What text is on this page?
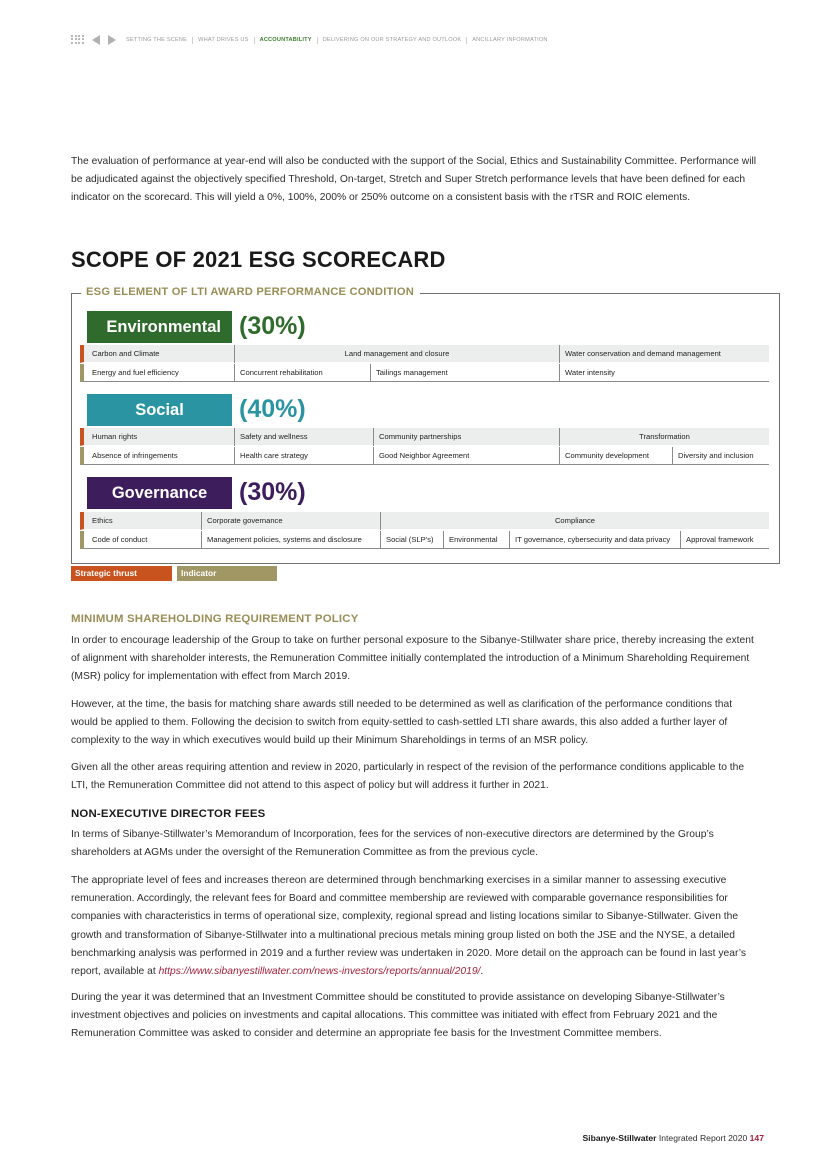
SETTING THE SCENE WHAT DRIVES US ACCOUNTABILITY DELIVERING ON OUR STRATEGY AND OUTLOOK ANCILLARY INFORMATION

The evaluation of performance at year-end will also be conducted with the support of the Social, Ethics and Sustainability Committee. Performance will be adjudicated against the objectively specified Threshold, On-target, Stretch and Super Stretch performance levels that have been defined for each indicator on the scorecard. This will yield a 0%, 100%, 200% or 250% outcome on a consistent basis with the rTSR and ROIC elements.

SCOPE OF 2021 ESG SCORECARD
ESG ELEMENT OF LTI AWARD PERFORMANCE CONDITION
Environmental (30%)
Carbon and Climate	Land management and closure	Water conservation and demand management
Energy and fuel efficiency	Concurrent rehabilitation	Tailings management	Water intensity
Social	(40%)
Human rights	Safety and wellness	Community partnerships	Transformation
Absence of infringements	Health care strategy	Good Neighbor Agreement	Community development	Diversity and inclusion
Governance	(30%)
Ethics	Corporate governance	Compliance
Code of conduct	Management policies, systems and disclosure	Social (SLP’s)	Environmental	IT governance, cybersecurity and data privacy	Approval framework
Strategic thrust	Indicator
MINIMUM SHAREHOLDING REQUIREMENT POLICY

In order to encourage leadership of the Group to take on further personal exposure to the Sibanye-Stillwater share price, thereby increasing the extent of alignment with shareholder interests, the Remuneration Committee initially contemplated the introduction of a Minimum Shareholding Requirement (MSR) policy for implementation with effect from March 2019.

However, at the time, the basis for matching share awards still needed to be determined as well as clarification of the performance conditions that would be applied to them. Following the decision to switch from equity-settled to cash-settled LTI share awards, this also added a further layer of complexity to the way in which executives would build up their Minimum Shareholdings in terms of an MSR policy.

Given all the other areas requiring attention and review in 2020, particularly in respect of the revision of the performance conditions applicable to the LTI, the Remuneration Committee did not attend to this aspect of policy but will address it further in 2021.

NON-EXECUTIVE DIRECTOR FEES

In terms of Sibanye-Stillwater’s Memorandum of Incorporation, fees for the services of non-executive directors are determined by the Group’s shareholders at AGMs under the oversight of the Remuneration Committee as from the previous cycle.

The appropriate level of fees and increases thereon are determined through benchmarking exercises in a similar manner to assessing executive remuneration. Accordingly, the relevant fees for Board and committee membership are reviewed with comparable governance responsibilities for companies with characteristics in terms of operational size, complexity, regional spread and listing locations similar to Sibanye-Stillwater. Given the growth and transformation of Sibanye-Stillwater into a multinational precious metals mining group listed on both the JSE and the NYSE, a detailed benchmarking analysis was performed in 2019 and a further review was undertaken in 2020. More detail on the approach can be found in last year’s report, available at https://www.sibanyestillwater.com/news-investors/reports/annual/2019/.

During the year it was determined that an Investment Committee should be constituted to provide assistance on developing Sibanye-Stillwater’s investment objectives and policies on investments and capital allocations. This committee was initiated with effect from February 2021 and the Remuneration Committee was asked to consider and determine an appropriate fee basis for the Investment Committee members.

Sibanye-Stillwater Integrated Report 2020 147
